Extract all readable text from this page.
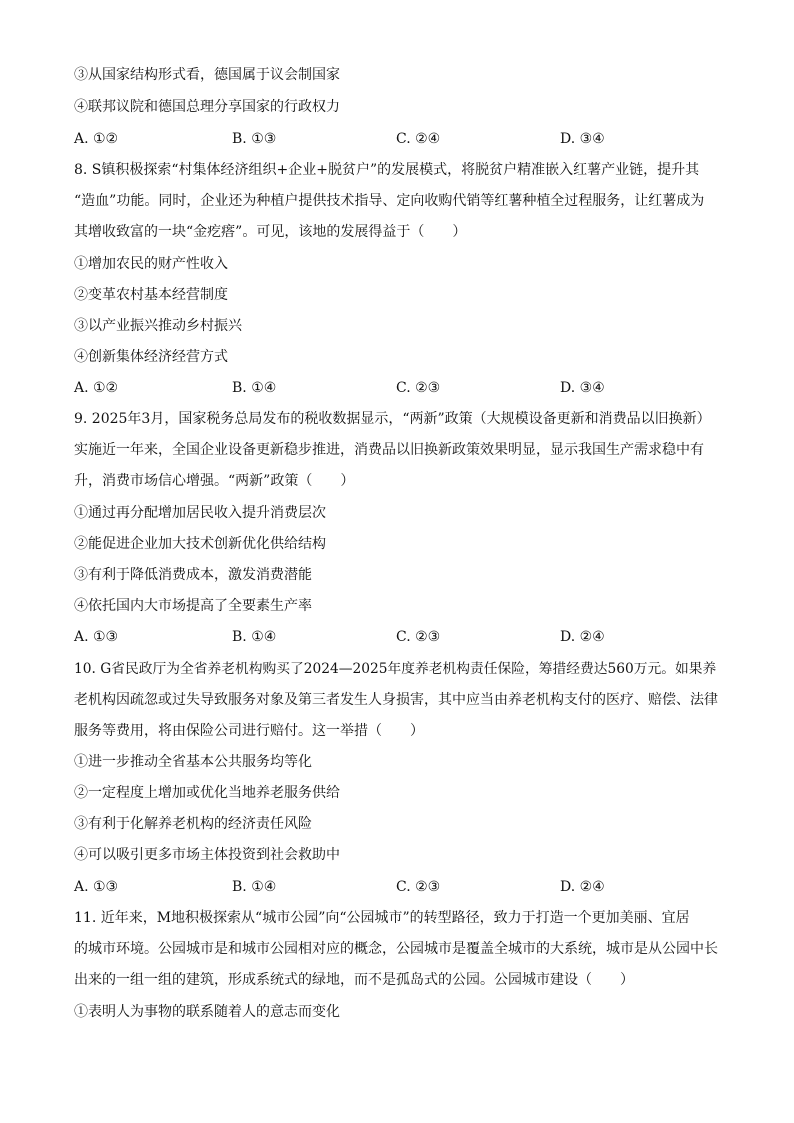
③从国家结构形式看，德国属于议会制国家
④联邦议院和德国总理分享国家的行政权力
A. ①②	B. ①③	C. ②④	D. ③④
8. S镇积极探索“村集体经济组织+企业+脱贫户”的发展模式，将脱贫户精准嵌入红薯产业链，提升其
“造血”功能。同时，企业还为种植户提供技术指导、定向收购代销等红薯种植全过程服务，让红薯成为
其增收致富的一块“金疙瘩”。可见，该地的发展得益于（　　）
①增加农民的财产性收入
②变革农村基本经营制度
③以产业振兴推动乡村振兴
④创新集体经济经营方式
A. ①②	B. ①④	C. ②③	D. ③④
9. 2025年3月，国家税务总局发布的税收数据显示，“两新”政策（大规模设备更新和消费品以旧换新）
实施近一年来，全国企业设备更新稳步推进，消费品以旧换新政策效果明显，显示我国生产需求稳中有
升，消费市场信心增强。“两新”政策（　　）
①通过再分配增加居民收入提升消费层次
②能促进企业加大技术创新优化供给结构
③有利于降低消费成本，激发消费潜能
④依托国内大市场提高了全要素生产率
A. ①③	B. ①④	C. ②③	D. ②④
10. G省民政厅为全省养老机构购买了2024—2025年度养老机构责任保险，筹措经费达560万元。如果养
老机构因疏忽或过失导致服务对象及第三者发生人身损害，其中应当由养老机构支付的医疗、赔偿、法律
服务等费用，将由保险公司进行赔付。这一举措（　　）
①进一步推动全省基本公共服务均等化
②一定程度上增加或优化当地养老服务供给
③有利于化解养老机构的经济责任风险
④可以吸引更多市场主体投资到社会救助中
A. ①③	B. ①④	C. ②③	D. ②④
11. 近年来，M地积极探索从“城市公园”向“公园城市”的转型路径，致力于打造一个更加美丽、宜居
的城市环境。公园城市是和城市公园相对应的概念，公园城市是覆盖全城市的大系统，城市是从公园中长
出来的一组一组的建筑，形成系统式的绿地，而不是孤岛式的公园。公园城市建设（　　）
①表明人为事物的联系随着人的意志而变化
